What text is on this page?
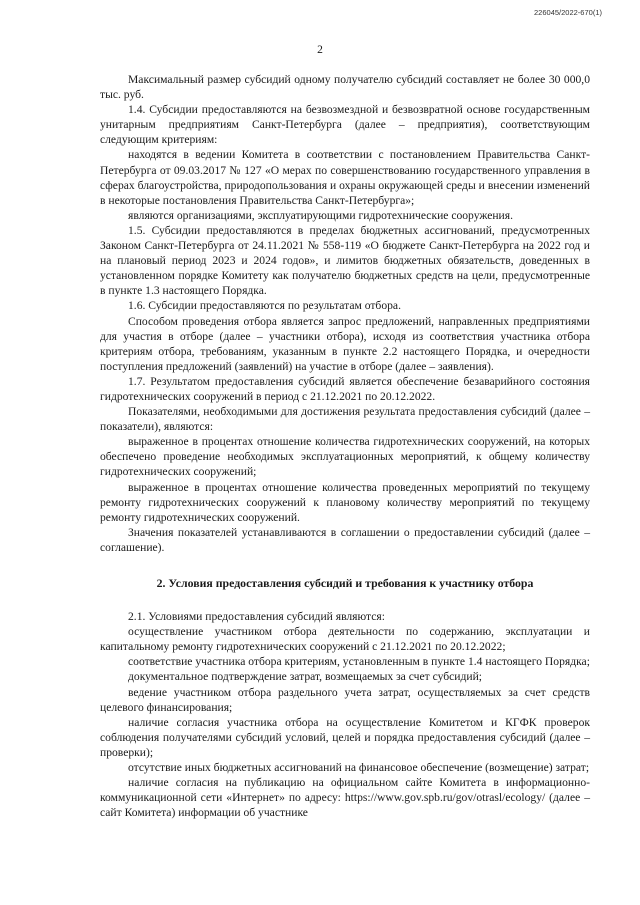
226045/2022-670(1)
2

Максимальный размер субсидий одному получателю субсидий составляет не более 30 000,0 тыс. руб.

1.4. Субсидии предоставляются на безвозмездной и безвозвратной основе государственным унитарным предприятиям Санкт-Петербурга (далее – предприятия), соответствующим следующим критериям:

находятся в ведении Комитета в соответствии с постановлением Правительства Санкт-Петербурга от 09.03.2017 № 127 «О мерах по совершенствованию государственного управления в сферах благоустройства, природопользования и охраны окружающей среды и внесении изменений в некоторые постановления Правительства Санкт-Петербурга»;

являются организациями, эксплуатирующими гидротехнические сооружения.

1.5. Субсидии предоставляются в пределах бюджетных ассигнований, предусмотренных Законом Санкт-Петербурга от 24.11.2021 № 558-119 «О бюджете Санкт-Петербурга на 2022 год и на плановый период 2023 и 2024 годов», и лимитов бюджетных обязательств, доведенных в установленном порядке Комитету как получателю бюджетных средств на цели, предусмотренные в пункте 1.3 настоящего Порядка.

1.6. Субсидии предоставляются по результатам отбора.

Способом проведения отбора является запрос предложений, направленных предприятиями для участия в отборе (далее – участники отбора), исходя из соответствия участника отбора критериям отбора, требованиям, указанным в пункте 2.2 настоящего Порядка, и очередности поступления предложений (заявлений) на участие в отборе (далее – заявления).

1.7. Результатом предоставления субсидий является обеспечение безаварийного состояния гидротехнических сооружений в период с 21.12.2021 по 20.12.2022.

Показателями, необходимыми для достижения результата предоставления субсидий (далее – показатели), являются:

выраженное в процентах отношение количества гидротехнических сооружений, на которых обеспечено проведение необходимых эксплуатационных мероприятий, к общему количеству гидротехнических сооружений;

выраженное в процентах отношение количества проведенных мероприятий по текущему ремонту гидротехнических сооружений к плановому количеству мероприятий по текущему ремонту гидротехнических сооружений.

Значения показателей устанавливаются в соглашении о предоставлении субсидий (далее – соглашение).

2. Условия предоставления субсидий и требования к участнику отбора

2.1. Условиями предоставления субсидий являются:

осуществление участником отбора деятельности по содержанию, эксплуатации и капитальному ремонту гидротехнических сооружений с 21.12.2021 по 20.12.2022;

соответствие участника отбора критериям, установленным в пункте 1.4 настоящего Порядка;

документальное подтверждение затрат, возмещаемых за счет субсидий;

ведение участником отбора раздельного учета затрат, осуществляемых за счет средств целевого финансирования;

наличие согласия участника отбора на осуществление Комитетом и КГФК проверок соблюдения получателями субсидий условий, целей и порядка предоставления субсидий (далее – проверки);

отсутствие иных бюджетных ассигнований на финансовое обеспечение (возмещение) затрат;

наличие согласия на публикацию на официальном сайте Комитета в информационно-коммуникационной сети «Интернет» по адресу: https://www.gov.spb.ru/gov/otrasl/ecology/ (далее – сайт Комитета) информации об участнике
